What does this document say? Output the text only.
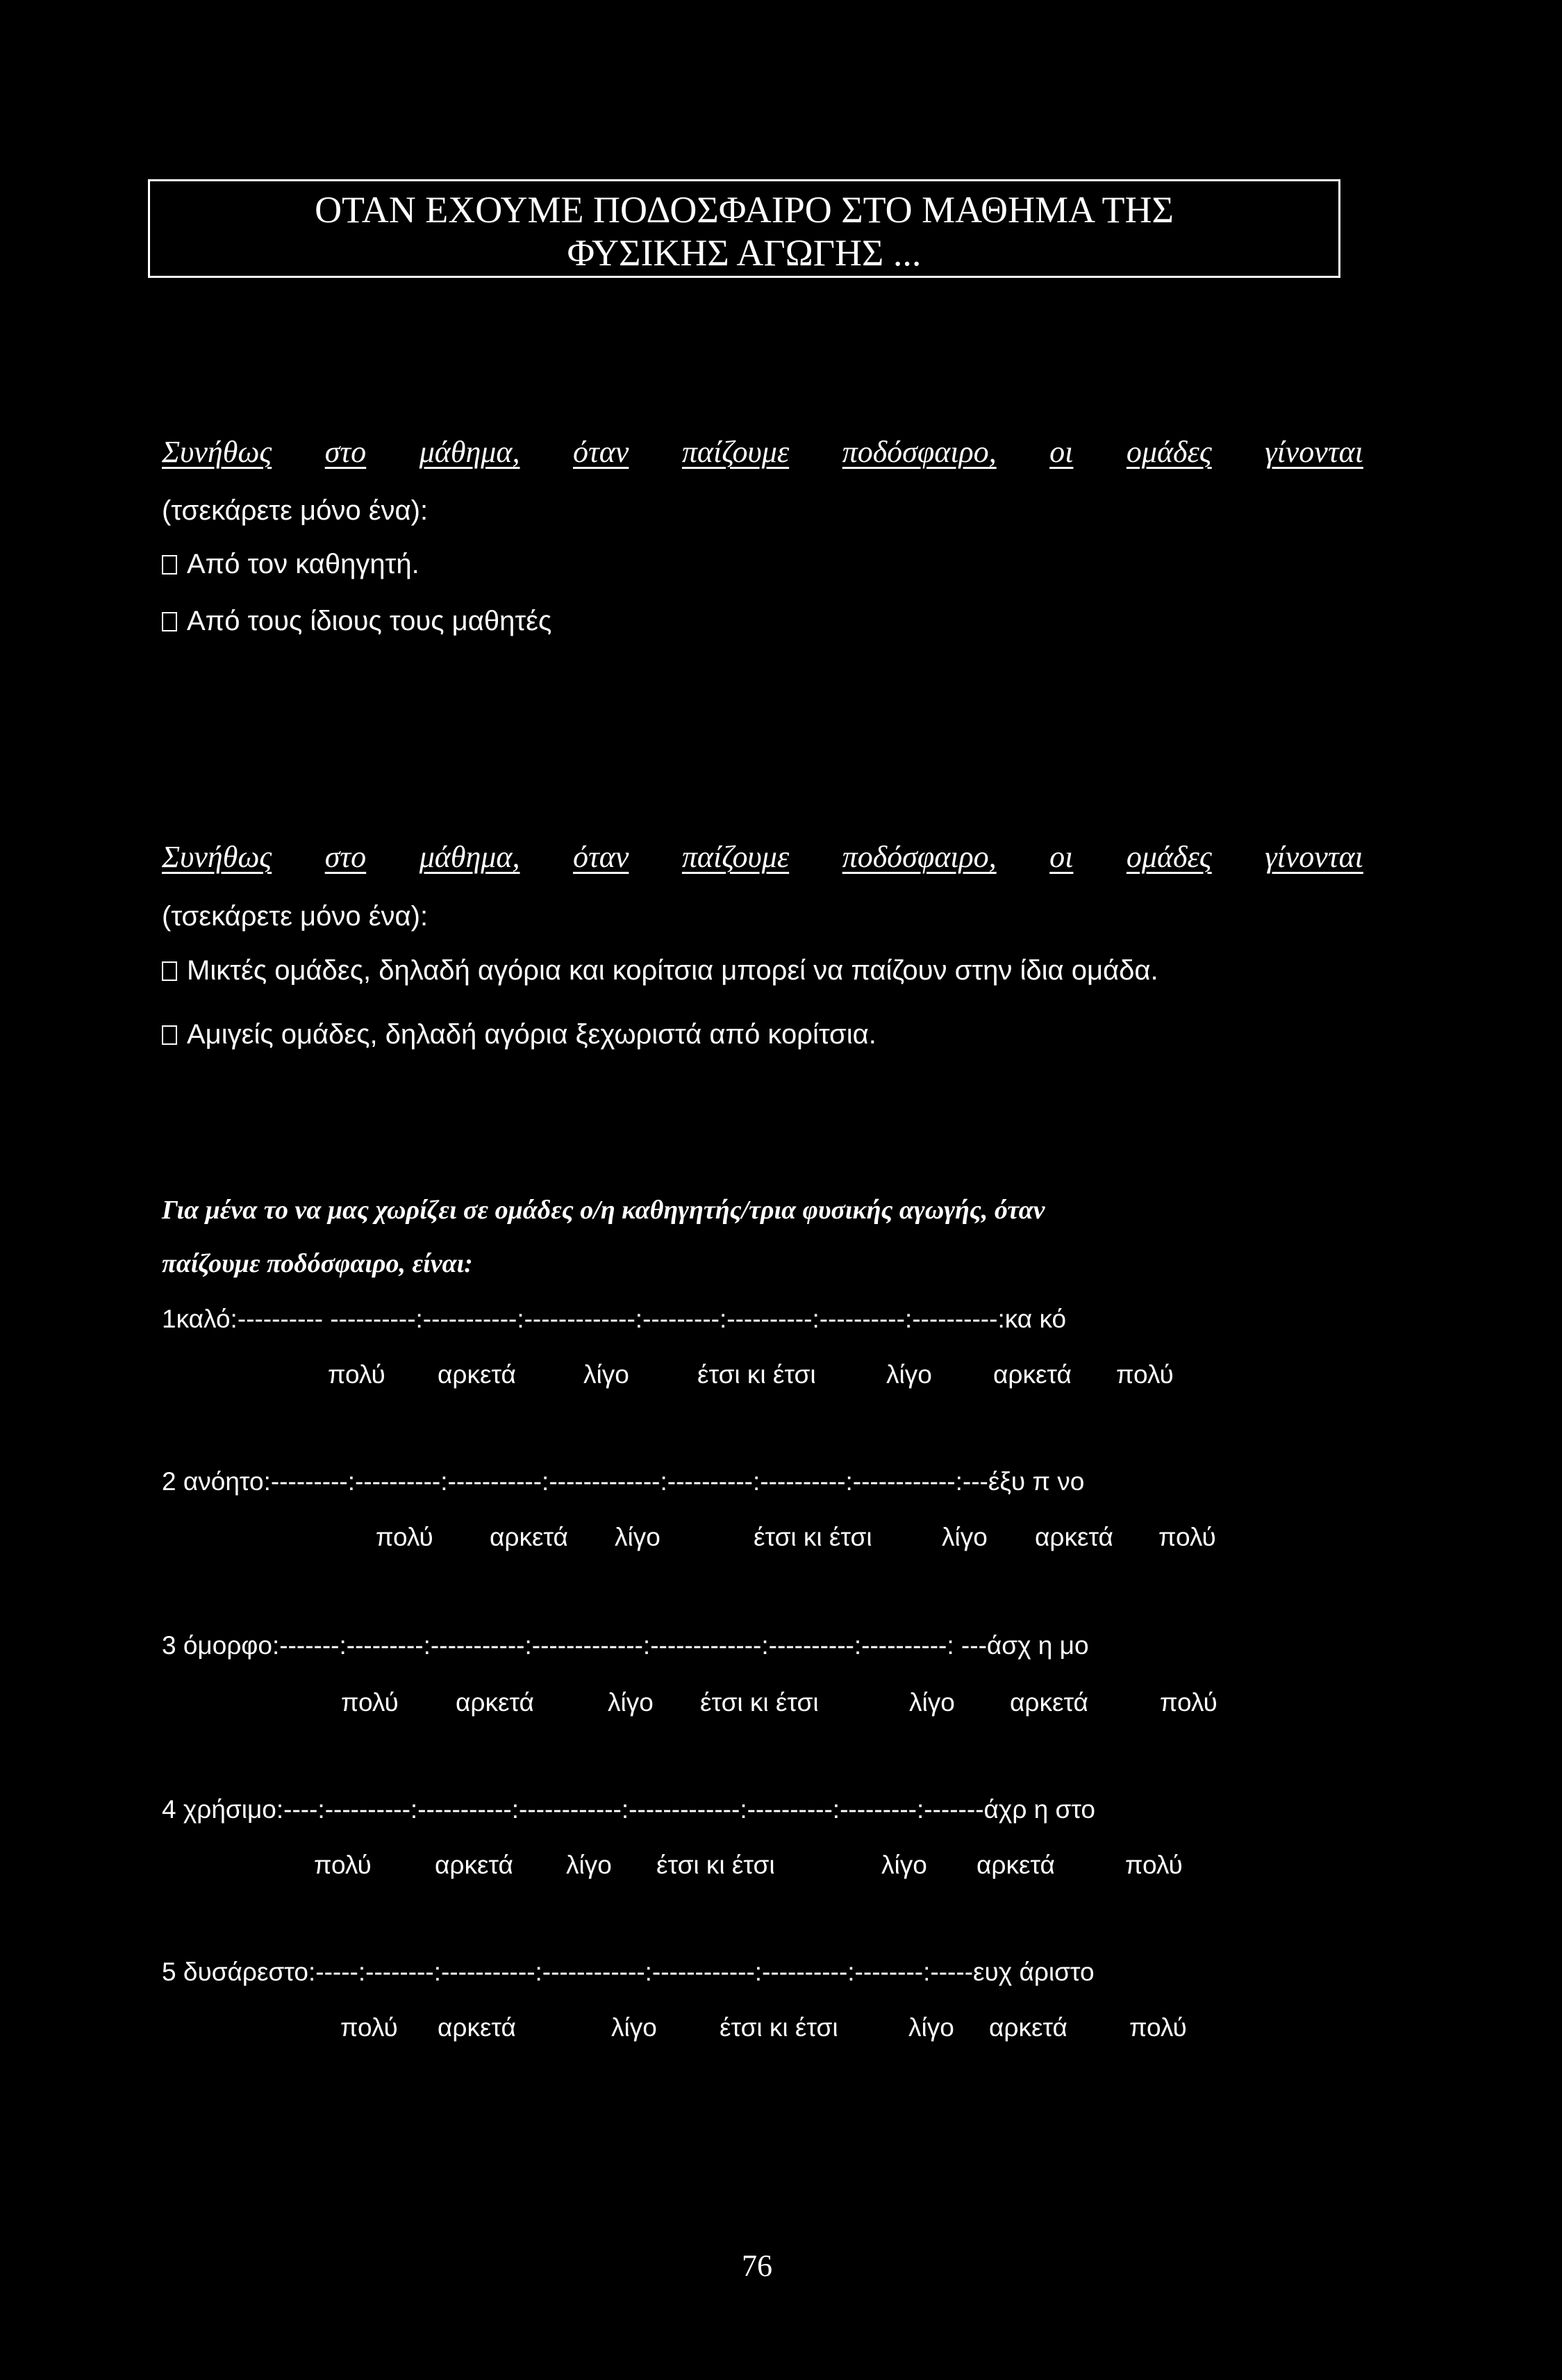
ΟΤΑΝ ΕΧΟΥΜΕ ΠΟΔΟΣΦΑΙΡΟ ΣΤΟ ΜΑΘΗΜΑ ΤΗΣ
ΦΥΣΙΚΗΣ ΑΓΩΓΗΣ ...
Συνήθως στο μάθημα, όταν παίζουμε ποδόσφαιρο, οι ομάδες γίνονται
(τσεκάρετε μόνο ένα):
Από τον καθηγητή.
Από τους ίδιους τους μαθητές
Συνήθως στο μάθημα, όταν παίζουμε ποδόσφαιρο, οι ομάδες γίνονται
(τσεκάρετε μόνο ένα):
Μικτές ομάδες, δηλαδή αγόρια και κορίτσια μπορεί να παίζουν στην ίδια ομάδα.
Αμιγείς ομάδες, δηλαδή αγόρια ξεχωριστά από κορίτσια.
Για μένα το να μας χωρίζει σε ομάδες ο/η καθηγητής/τρια φυσικής αγωγής, όταν
παίζουμε ποδόσφαιρο, είναι:
1καλό:---------- ----------:-----------:-------------:---------:----------:----------:----------:κα κό
πολύ αρκετά	λίγο	έτσι κι έτσι	λίγο αρκετά πολύ
2 ανόητο:---------:----------:-----------:-------------:----------:----------:------------:---έξυ π νο
πολύ αρκετά λίγο	έτσι κι έτσι	λίγο αρκετά πολύ
3 όμορφο:-------:---------:-----------:-------------:-------------:----------:----------: ---άσχ η μο
πολύ αρκετά	λίγο έτσι κι έτσι	λίγο αρκετά	πολύ
4 χρήσιμο:----:----------:-----------:------------:-------------:----------:---------:-------άχρ η στο
πολύ αρκετά λίγο έτσι κι έτσι	λίγο αρκετά	πολύ
5 δυσάρεστο:-----:--------:-----------:------------:------------:----------:--------:-----ευχ άριστο
πολύ αρκετά	λίγο έτσι κι έτσι	λίγο αρκετά πολύ
76
